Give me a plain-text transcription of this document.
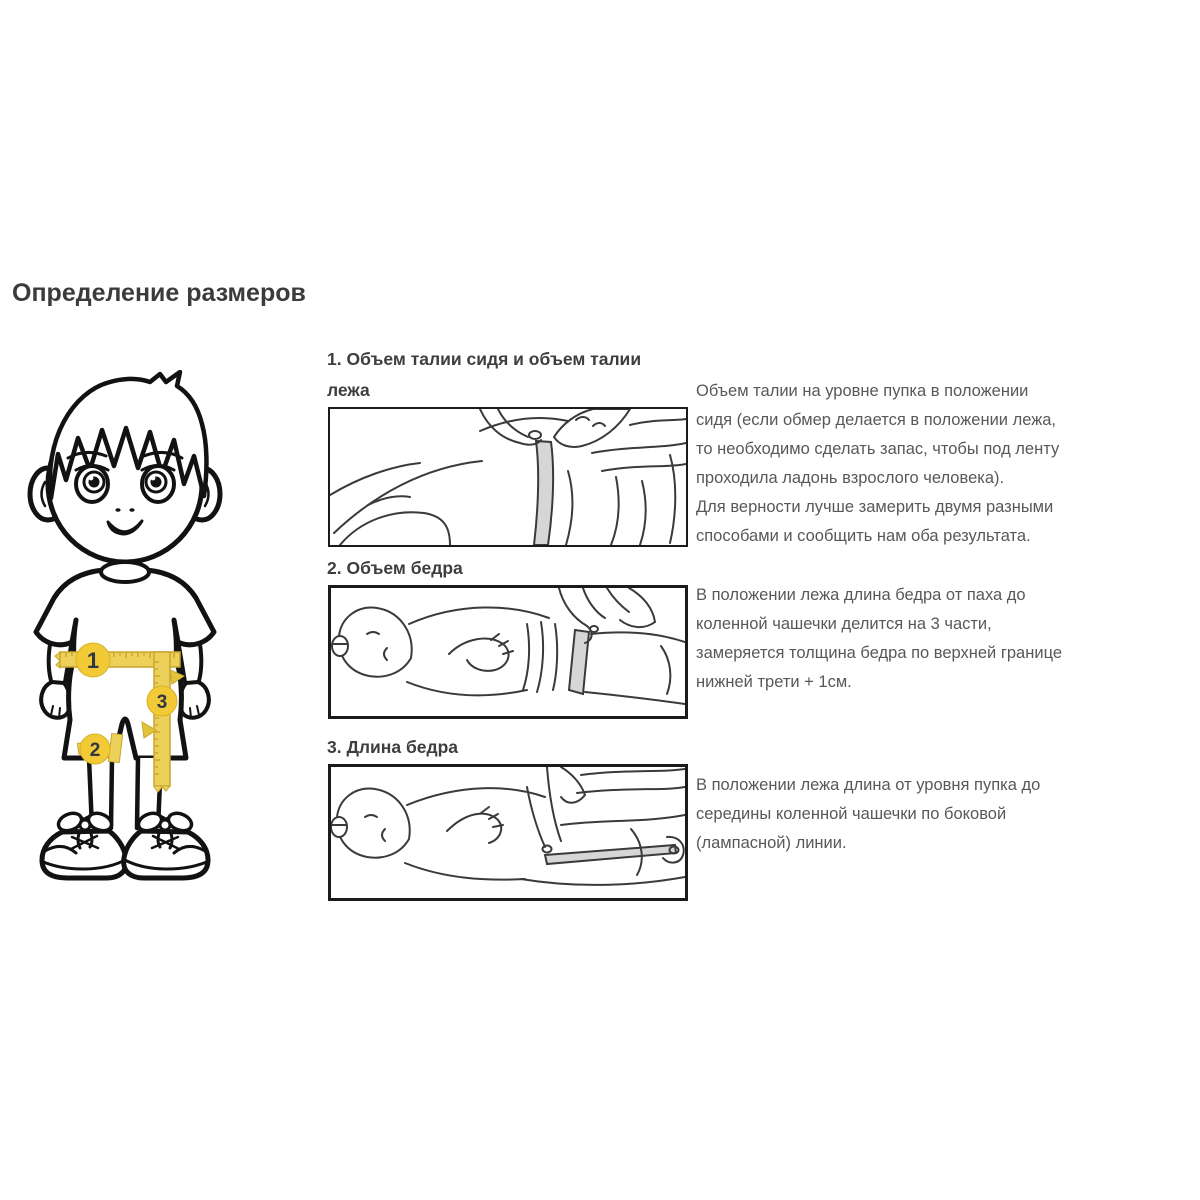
Определение размеров
1
3
2
1. Объем талии сидя и объем талии лежа	Объем талии на уровне пупка в положении
сидя (если обмер делается в положении лежа,
то необходимо сделать запас, чтобы под ленту
проходила ладонь взрослого человека).
Для верности лучше замерить двумя разными
способами и сообщить нам оба результата.
2. Объем бедра
В положении лежа длина бедра от паха до
коленной чашечки делится на 3 части,
замеряется толщина бедра по верхней границе
нижней трети + 1см.
3. Длина бедра
В положении лежа длина от уровня пупка до
середины коленной чашечки по боковой
(лампасной) линии.
